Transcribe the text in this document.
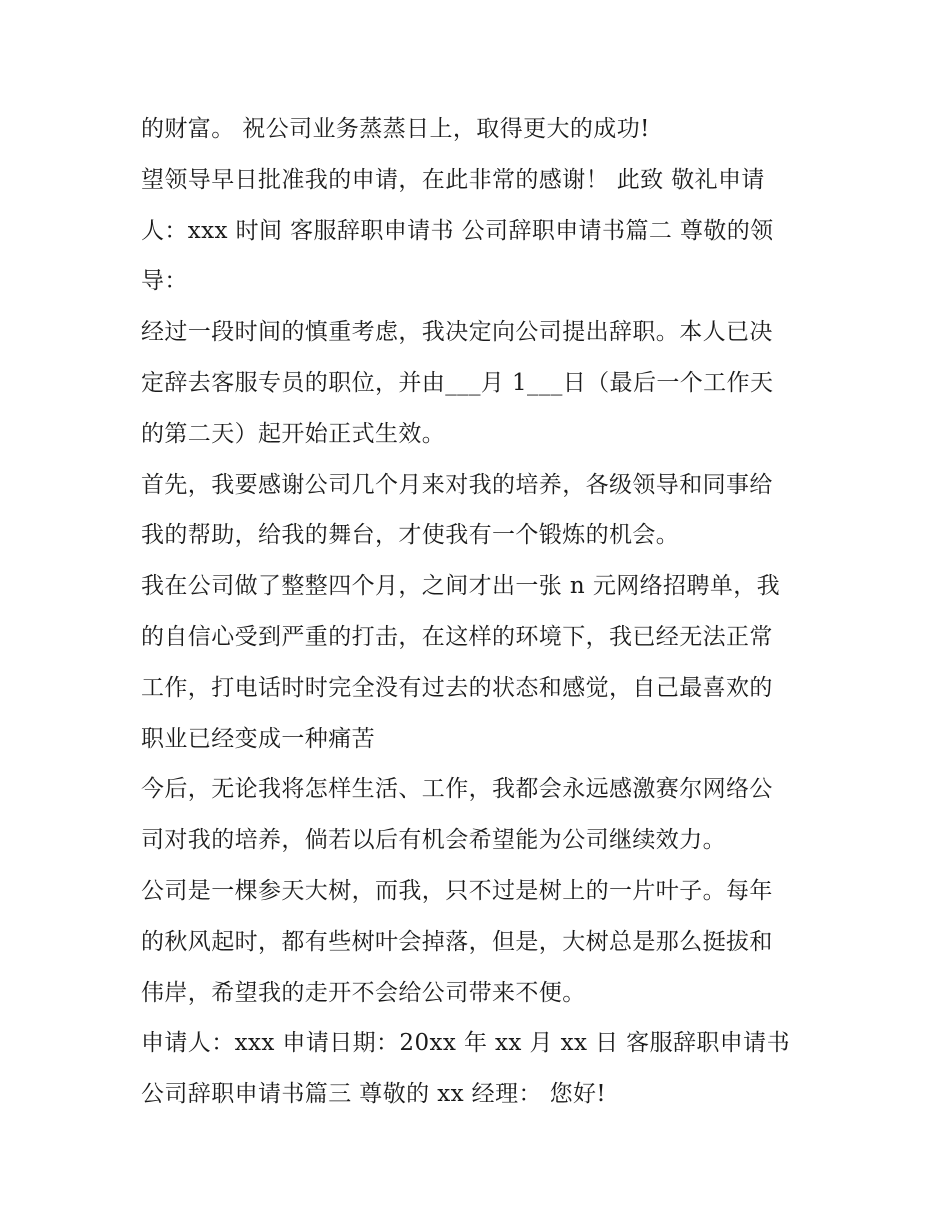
的财富。 祝公司业务蒸蒸日上，取得更大的成功!
望领导早日批准我的申请，在此非常的感谢！ 此致 敬礼申请
人：xxx 时间 客服辞职申请书 公司辞职申请书篇二 尊敬的领
导：
经过一段时间的慎重考虑，我决定向公司提出辞职。本人已决
定辞去客服专员的职位，并由___月 1___日（最后一个工作天
的第二天）起开始正式生效。
首先，我要感谢公司几个月来对我的培养，各级领导和同事给
我的帮助，给我的舞台，才使我有一个锻炼的机会。
我在公司做了整整四个月，之间才出一张 n 元网络招聘单，我
的自信心受到严重的打击，在这样的环境下，我已经无法正常
工作，打电话时时完全没有过去的状态和感觉，自己最喜欢的
职业已经变成一种痛苦
今后，无论我将怎样生活、工作，我都会永远感激赛尔网络公
司对我的培养，倘若以后有机会希望能为公司继续效力。
公司是一棵参天大树，而我，只不过是树上的一片叶子。每年
的秋风起时，都有些树叶会掉落，但是，大树总是那么挺拔和
伟岸，希望我的走开不会给公司带来不便。
申请人：xxx 申请日期：20xx 年 xx 月 xx 日 客服辞职申请书
公司辞职申请书篇三 尊敬的 xx 经理： 您好!
